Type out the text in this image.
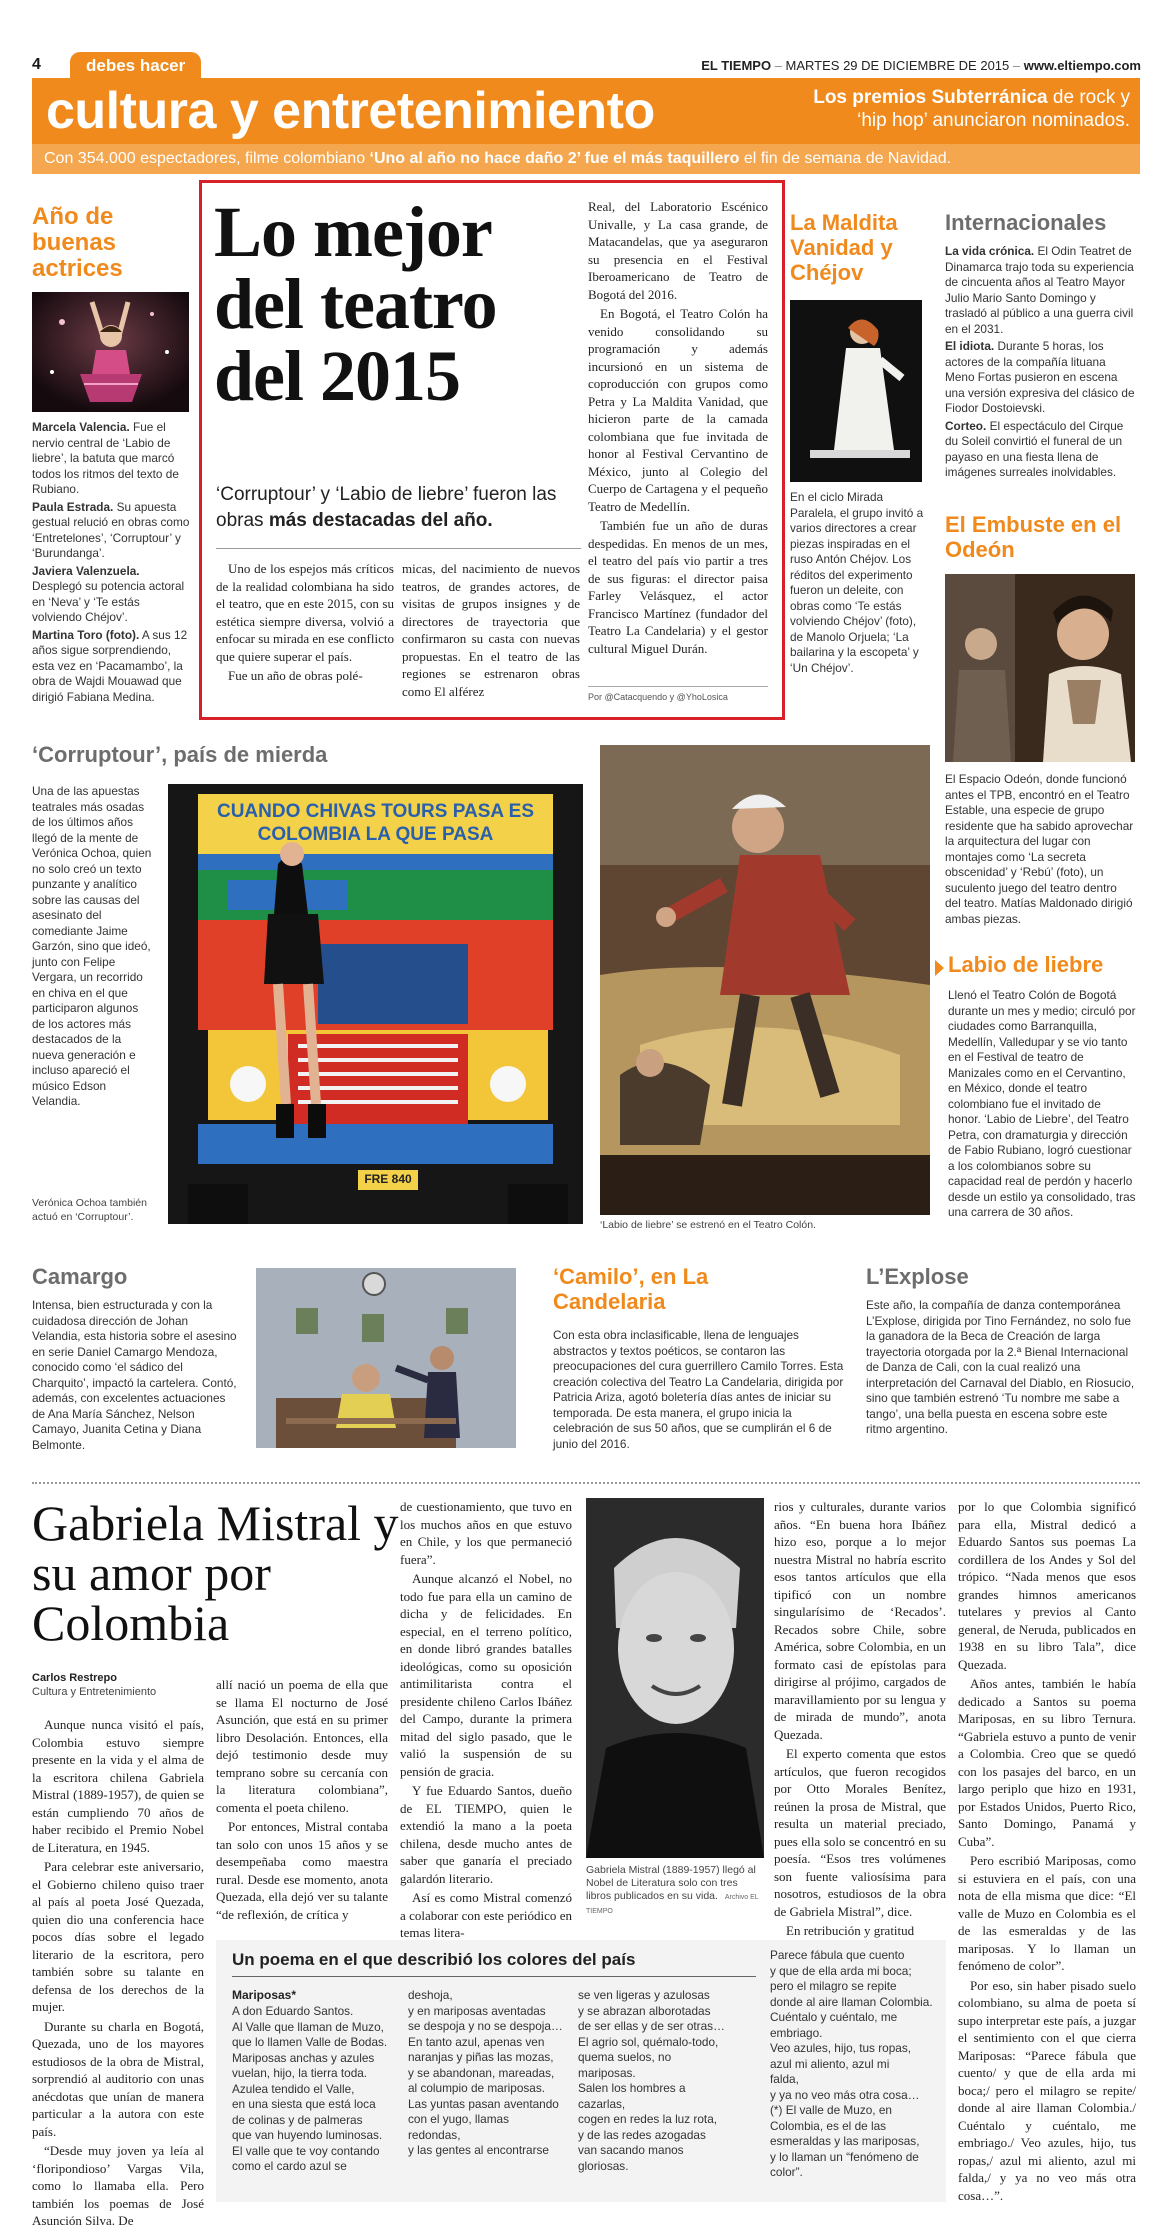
4	debes hacer	EL TIEMPO – MARTES 29 DE DICIEMBRE DE 2015 – www.eltiempo.com
cultura y entretenimiento	Los premios Subterránica de rock y ‘hip hop’ anunciaron nominados.
Con 354.000 espectadores, filme colombiano ‘Uno al año no hace daño 2’ fue el más taquillero el fin de semana de Navidad.
Año de buenas actrices

Marcela Valencia. Fue el nervio central de ‘Labio de liebre’, la batuta que marcó todos los ritmos del texto de Rubiano.

Paula Estrada. Su apuesta gestual relució en obras como ‘Entretelones’, ‘Corruptour’ y ‘Burundanga’.

Javiera Valenzuela. Desplegó su potencia actoral en ‘Neva’ y ‘Te estás volviendo Chéjov’.

Martina Toro (foto). A sus 12 años sigue sorprendiendo, esta vez en ‘Pacamambo’, la obra de Wajdi Mouawad que dirigió Fabiana Medina.

Lo mejor del teatro del 2015
‘Corruptour’ y ‘Labio de liebre’ fueron las obras más destacadas del año.

Uno de los espejos más críticos de la realidad colombiana ha sido el teatro, que en este 2015, con su estética siempre diversa, volvió a enfocar su mirada en ese conflicto que quiere superar el país.

Fue un año de obras polé-

micas, del nacimiento de nuevos teatros, de grandes actores, de visitas de grupos insignes y de directores de trayectoria que confirmaron su casta con nuevas propuestas. En el teatro de las regiones se estrenaron obras como El alférez

Real, del Laboratorio Escénico Univalle, y La casa grande, de Matacandelas, que ya aseguraron su presencia en el Festival Iberoamericano de Teatro de Bogotá del 2016.

En Bogotá, el Teatro Colón ha venido consolidando su programación y además incursionó en un sistema de coproducción con grupos como Petra y La Maldita Vanidad, que hicieron parte de la camada colombiana que fue invitada de honor al Festival Cervantino de México, junto al Colegio del Cuerpo de Cartagena y el pequeño Teatro de Medellín.

También fue un año de duras despedidas. En menos de un mes, el teatro del país vio partir a tres de sus figuras: el director paisa Farley Velásquez, el actor Francisco Martínez (fundador del Teatro La Candelaria) y el gestor cultural Miguel Durán.

Por @Catacquendo y @YhoLosica
La Maldita Vanidad y Chéjov
En el ciclo Mirada Paralela, el grupo invitó a varios directores a crear piezas inspiradas en el ruso Antón Chéjov. Los réditos del experimento fueron un deleite, con obras como ‘Te estás volviendo Chéjov’ (foto), de Manolo Orjuela; ‘La bailarina y la escopeta’ y ‘Un Chéjov’.
Internacionales

La vida crónica. El Odin Teatret de Dinamarca trajo toda su experiencia de cincuenta años al Teatro Mayor Julio Mario Santo Domingo y trasladó al público a una guerra civil en el 2031.

El idiota. Durante 5 horas, los actores de la compañía lituana Meno Fortas pusieron en escena una versión expresiva del clásico de Fiodor Dostoievski.

Corteo. El espectáculo del Cirque du Soleil convirtió el funeral de un payaso en una fiesta llena de imágenes surreales inolvidables.

El Embuste en el Odeón
El Espacio Odeón, donde funcionó antes el TPB, encontró en el Teatro Estable, una especie de grupo residente que ha sabido aprovechar la arquitectura del lugar con montajes como ‘La secreta obscenidad’ y ‘Rebú’ (foto), un suculento juego del teatro dentro del teatro. Matías Maldonado dirigió ambas piezas.
‘Corruptour’, país de mierda
Una de las apuestas teatrales más osadas de los últimos años llegó de la mente de Verónica Ochoa, quien no solo creó un texto punzante y analítico sobre las causas del asesinato del comediante Jaime Garzón, sino que ideó, junto con Felipe Vergara, un recorrido en chiva en el que participaron algunos de los actores más destacados de la nueva generación e incluso apareció el músico Edson Velandia.
Verónica Ochoa también actuó en ‘Corruptour’.
CUANDO CHIVAS TOURS PASA ES COLOMBIA LA QUE PASA
FRE 840
‘Labio de liebre’ se estrenó en el Teatro Colón.
Labio de liebre
Llenó el Teatro Colón de Bogotá durante un mes y medio; circuló por ciudades como Barranquilla, Medellín, Valledupar y se vio tanto en el Festival de teatro de Manizales como en el Cervantino, en México, donde el teatro colombiano fue el invitado de honor. ‘Labio de Liebre’, del Teatro Petra, con dramaturgia y dirección de Fabio Rubiano, logró cuestionar a los colombianos sobre su capacidad real de perdón y hacerlo desde un estilo ya consolidado, tras una carrera de 30 años.
Camargo
Intensa, bien estructurada y con la cuidadosa dirección de Johan Velandia, esta historia sobre el asesino en serie Daniel Camargo Mendoza, conocido como ‘el sádico del Charquito’, impactó la cartelera. Contó, además, con excelentes actuaciones de Ana María Sánchez, Nelson Camayo, Juanita Cetina y Diana Belmonte.
‘Camilo’, en La Candelaria
Con esta obra inclasificable, llena de lenguajes abstractos y textos poéticos, se contaron las preocupaciones del cura guerrillero Camilo Torres. Esta creación colectiva del Teatro La Candelaria, dirigida por Patricia Ariza, agotó boletería días antes de iniciar su temporada. De esta manera, el grupo inicia la celebración de sus 50 años, que se cumplirán el 6 de junio del 2016.
L’Explose
Este año, la compañía de danza contemporánea L’Explose, dirigida por Tino Fernández, no solo fue la ganadora de la Beca de Creación de larga trayectoria otorgada por la 2.ª Bienal Internacional de Danza de Cali, con la cual realizó una interpretación del Carnaval del Diablo, en Riosucio, sino que también estrenó ‘Tu nombre me sabe a tango’, una bella puesta en escena sobre este ritmo argentino.
Gabriela Mistral y su amor por Colombia
Carlos Restrepo
Cultura y Entretenimiento

Aunque nunca visitó el país, Colombia estuvo siempre presente en la vida y el alma de la escritora chilena Gabriela Mistral (1889-1957), de quien se están cumpliendo 70 años de haber recibido el Premio Nobel de Literatura, en 1945.

Para celebrar este aniversario, el Gobierno chileno quiso traer al país al poeta José Quezada, quien dio una conferencia hace pocos días sobre el legado literario de la escritora, pero también sobre su talante en defensa de los derechos de la mujer.

Durante su charla en Bogotá, Quezada, uno de los mayores estudiosos de la obra de Mistral, sorprendió al auditorio con unas anécdotas que unían de manera particular a la autora con este país.

“Desde muy joven ya leía al ‘floripondioso’ Vargas Vila, como lo llamaba ella. Pero también los poemas de José Asunción Silva. De

allí nació un poema de ella que se llama El nocturno de José Asunción, que está en su primer libro Desolación. Entonces, ella dejó testimonio desde muy temprano sobre su cercanía con la literatura colombiana”, comenta el poeta chileno.

Por entonces, Mistral contaba tan solo con unos 15 años y se desempeñaba como maestra rural. Desde ese momento, anota Quezada, ella dejó ver su talante “de reflexión, de crítica y

de cuestionamiento, que tuvo en los muchos años en que estuvo en Chile, y los que permaneció fuera”.

Aunque alcanzó el Nobel, no todo fue para ella un camino de dicha y de felicidades. En especial, en el terreno político, en donde libró grandes batalles ideológicas, como su oposición antimilitarista contra el presidente chileno Carlos Ibáñez del Campo, durante la primera mitad del siglo pasado, que le valió la suspensión de su pensión de gracia.

Y fue Eduardo Santos, dueño de EL TIEMPO, quien le extendió la mano a la poeta chilena, desde mucho antes de saber que ganaría el preciado galardón literario.

Así es como Mistral comenzó a colaborar con este periódico en temas litera-

Gabriela Mistral (1889-1957) llegó al Nobel de Literatura solo con tres libros publicados en su vida. Archivo EL TIEMPO

rios y culturales, durante varios años. “En buena hora Ibáñez hizo eso, porque a lo mejor nuestra Mistral no habría escrito esos tantos artículos que ella tipificó con un nombre singularísimo de ‘Recados’. Recados sobre Chile, sobre América, sobre Colombia, en un formato casi de epístolas para dirigirse al prójimo, cargados de maravillamiento por su lengua y de mirada de mundo”, anota Quezada.

El experto comenta que estos artículos, que fueron recogidos por Otto Morales Benítez, reúnen la prosa de Mistral, que resulta un material preciado, pues ella solo se concentró en su poesía. “Esos tres volúmenes son fuente valiosísima para nosotros, estudiosos de la obra de Gabriela Mistral”, dice.

En retribución y gratitud

por lo que Colombia significó para ella, Mistral dedicó a Eduardo Santos sus poemas La cordillera de los Andes y Sol del trópico. “Nada menos que esos grandes himnos americanos tutelares y previos al Canto general, de Neruda, publicados en 1938 en su libro Tala”, dice Quezada.

Años antes, también le había dedicado a Santos su poema Mariposas, en su libro Ternura. “Gabriela estuvo a punto de venir a Colombia. Creo que se quedó con los pasajes del barco, en un largo periplo que hizo en 1931, por Estados Unidos, Puerto Rico, Santo Domingo, Panamá y Cuba”.

Pero escribió Mariposas, como si estuviera en el país, con una nota de ella misma que dice: “El valle de Muzo en Colombia es el de las esmeraldas y de las mariposas. Y lo llaman un fenómeno de color”.

Por eso, sin haber pisado suelo colombiano, su alma de poeta sí supo interpretar este país, a juzgar el sentimiento con el que cierra Mariposas: “Parece fábula que cuento/ y que de ella arda mi boca;/ pero el milagro se repite/ donde al aire llaman Colombia./ Cuéntalo y cuéntalo, me embriago./ Veo azules, hijo, tus ropas,/ azul mi aliento, azul mi falda,/ y ya no veo más otra cosa…”.

Un poema en el que describió los colores del país
Mariposas*
A don Eduardo Santos.
Al Valle que llaman de Muzo,
que lo llamen Valle de Bodas.
Mariposas anchas y azules
vuelan, hijo, la tierra toda.
Azulea tendido el Valle,
en una siesta que está loca
de colinas y de palmeras
que van huyendo luminosas.
El valle que te voy contando
como el cardo azul se
deshoja,
y en mariposas aventadas
se despoja y no se despoja…
En tanto azul, apenas ven
naranjas y piñas las mozas,
y se abandonan, mareadas,
al columpio de mariposas.
Las yuntas pasan aventando
con el yugo, llamas
redondas,
y las gentes al encontrarse
se ven ligeras y azulosas
y se abrazan alborotadas
de ser ellas y de ser otras…
El agrio sol, quémalo-todo,
quema suelos, no
mariposas.
Salen los hombres a
cazarlas,
cogen en redes la luz rota,
y de las redes azogadas
van sacando manos
gloriosas.
Parece fábula que cuento
y que de ella arda mi boca;
pero el milagro se repite
donde al aire llaman Colombia.
Cuéntalo y cuéntalo, me
embriago.
Veo azules, hijo, tus ropas,
azul mi aliento, azul mi
falda,
y ya no veo más otra cosa…
(*) El valle de Muzo, en
Colombia, es el de las
esmeraldas y las mariposas,
y lo llaman un “fenómeno de
color”.
